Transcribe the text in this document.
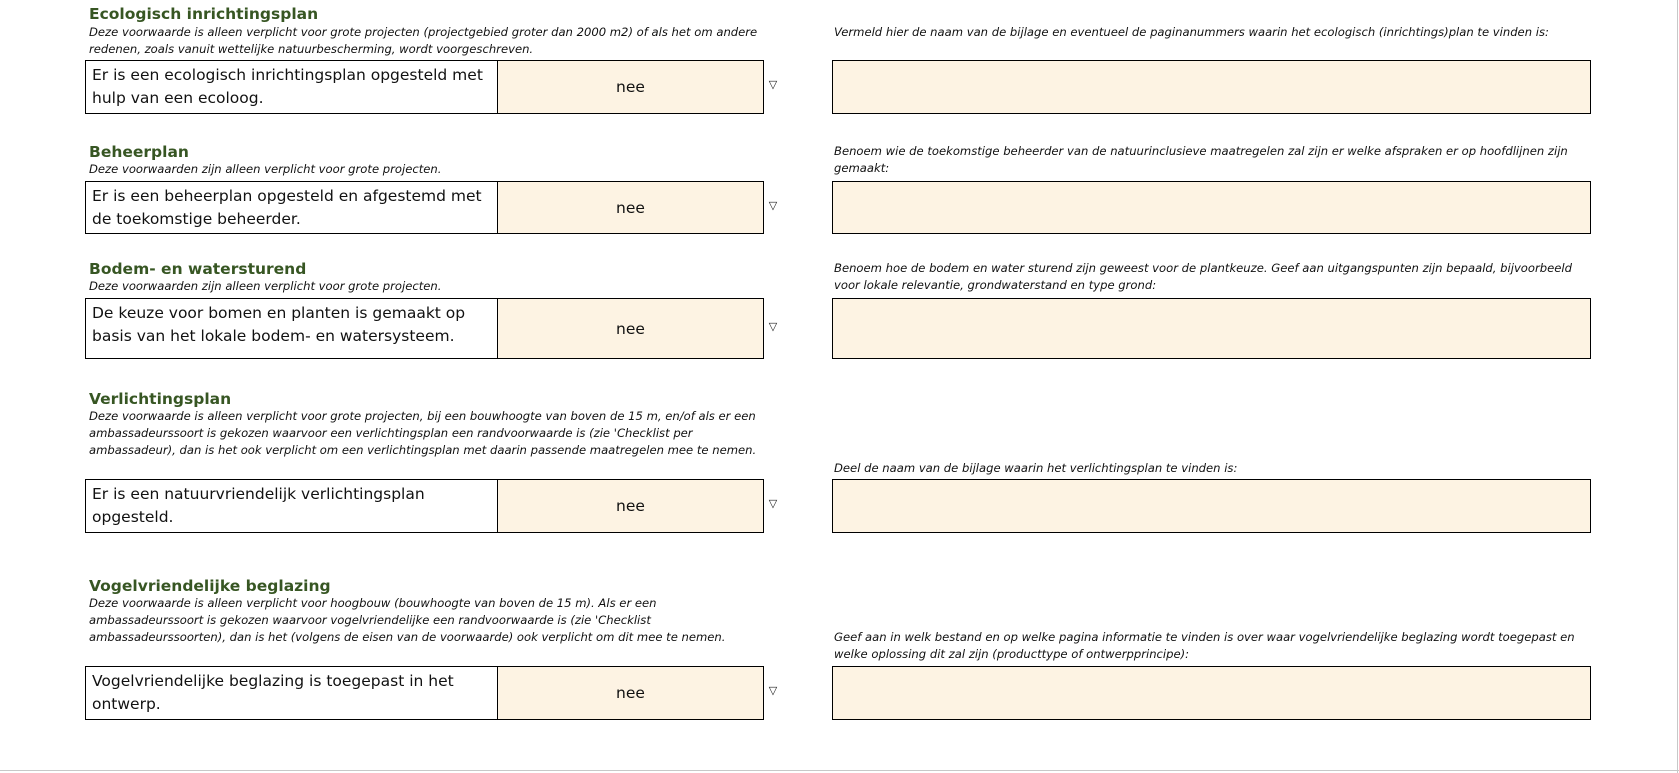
Ecologisch inrichtingsplan
Deze voorwaarde is alleen verplicht voor grote projecten (projectgebied groter dan 2000 m2) of als het om andere redenen, zoals vanuit wettelijke natuurbescherming, wordt voorgeschreven.
Er is een ecologisch inrichtingsplan opgesteld met hulp van een ecoloog.
nee	▽
Vermeld hier de naam van de bijlage en eventueel de paginanummers waarin het ecologisch (inrichtings)plan te vinden is:
Beheerplan
Deze voorwaarden zijn alleen verplicht voor grote projecten.
Er is een beheerplan opgesteld en afgestemd met de toekomstige beheerder.
nee	▽
Benoem wie de toekomstige beheerder van de natuurinclusieve maatregelen zal zijn er welke afspraken er op hoofdlijnen zijn gemaakt:
Bodem- en watersturend
Deze voorwaarden zijn alleen verplicht voor grote projecten.
De keuze voor bomen en planten is gemaakt op basis van het lokale bodem- en watersysteem.	nee	▽
Benoem hoe de bodem en water sturend zijn geweest voor de plantkeuze. Geef aan uitgangspunten zijn bepaald, bijvoorbeeld voor lokale relevantie, grondwaterstand en type grond:
Verlichtingsplan
Deze voorwaarde is alleen verplicht voor grote projecten, bij een bouwhoogte van boven de 15 m, en/of als er een ambassadeurssoort is gekozen waarvoor een verlichtingsplan een randvoorwaarde is (zie 'Checklist per ambassadeur), dan is het ook verplicht om een verlichtingsplan met daarin passende maatregelen mee te nemen.
Er is een natuurvriendelijk verlichtingsplan opgesteld.
nee	▽
Deel de naam van de bijlage waarin het verlichtingsplan te vinden is:
Vogelvriendelijke beglazing
Deze voorwaarde is alleen verplicht voor hoogbouw (bouwhoogte van boven de 15 m). Als er een ambassadeurssoort is gekozen waarvoor vogelvriendelijke een randvoorwaarde is (zie 'Checklist ambassadeurssoorten), dan is het (volgens de eisen van de voorwaarde) ook verplicht om dit mee te nemen.
Vogelvriendelijke beglazing is toegepast in het ontwerp.
nee	▽
Geef aan in welk bestand en op welke pagina informatie te vinden is over waar vogelvriendelijke beglazing wordt toegepast en welke oplossing dit zal zijn (producttype of ontwerpprincipe):
